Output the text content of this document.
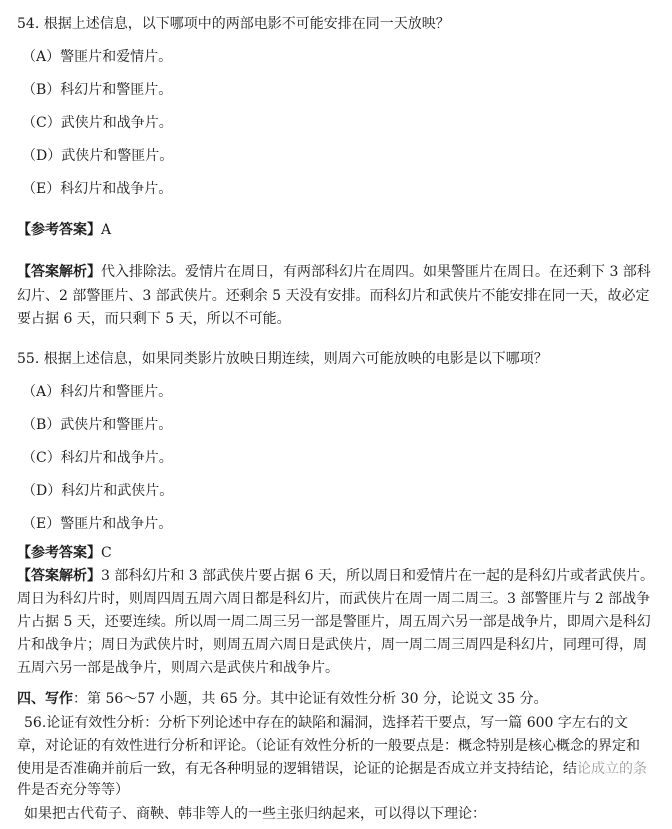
54. 根据上述信息，以下哪项中的两部电影不可能安排在同一天放映？
（A）警匪片和爱情片。
（B）科幻片和警匪片。
（C）武侠片和战争片。
（D）武侠片和警匪片。
（E）科幻片和战争片。
【参考答案】A
【答案解析】代入排除法。爱情片在周日，有两部科幻片在周四。如果警匪片在周日。在还剩下 3 部科
幻片、2 部警匪片、3 部武侠片。还剩余 5 天没有安排。而科幻片和武侠片不能安排在同一天，故必定
要占据 6 天，而只剩下 5 天，所以不可能。
55. 根据上述信息，如果同类影片放映日期连续，则周六可能放映的电影是以下哪项？
（A）科幻片和警匪片。
（B）武侠片和警匪片。
（C）科幻片和战争片。
（D）科幻片和武侠片。
（E）警匪片和战争片。
【参考答案】C
【答案解析】3 部科幻片和 3 部武侠片要占据 6 天，所以周日和爱情片在一起的是科幻片或者武侠片。
周日为科幻片时，则周四周五周六周日都是科幻片，而武侠片在周一周二周三。3 部警匪片与 2 部战争
片占据 5 天，还要连续。所以周一周二周三另一部是警匪片，周五周六另一部是战争片，即周六是科幻
片和战争片；周日为武侠片时，则周五周六周日是武侠片，周一周二周三周四是科幻片，同理可得，周
五周六另一部是战争片，则周六是武侠片和战争片。
四、写作：第 56～57 小题，共 65 分。其中论证有效性分析 30 分，论说文 35 分。
56.论证有效性分析：分析下列论述中存在的缺陷和漏洞，选择若干要点，写一篇 600 字左右的文
章，对论证的有效性进行分析和评论。（论证有效性分析的一般要点是：概念特别是核心概念的界定和
使用是否准确并前后一致，有无各种明显的逻辑错误，论证的论据是否成立并支持结论，结论成立的条
件是否充分等等）
如果把古代荀子、商鞅、韩非等人的一些主张归纳起来，可以得以下理论：
